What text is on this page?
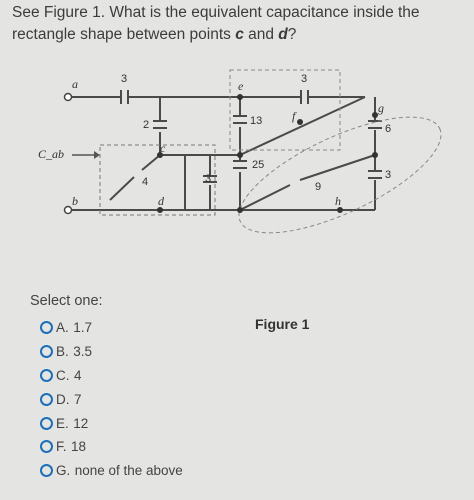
See Figure 1. What is the equivalent capacitance inside the rectangle shape between points c and d?
a
b
c
d
e
f
g
h
C_ab
3	3
2	13
6
3
3
4
25
9
Figure 1
Select one:
A.
1.7
B.
3.5
C.
4
D.
7
E.
12
F.
18
G.
none of the above
